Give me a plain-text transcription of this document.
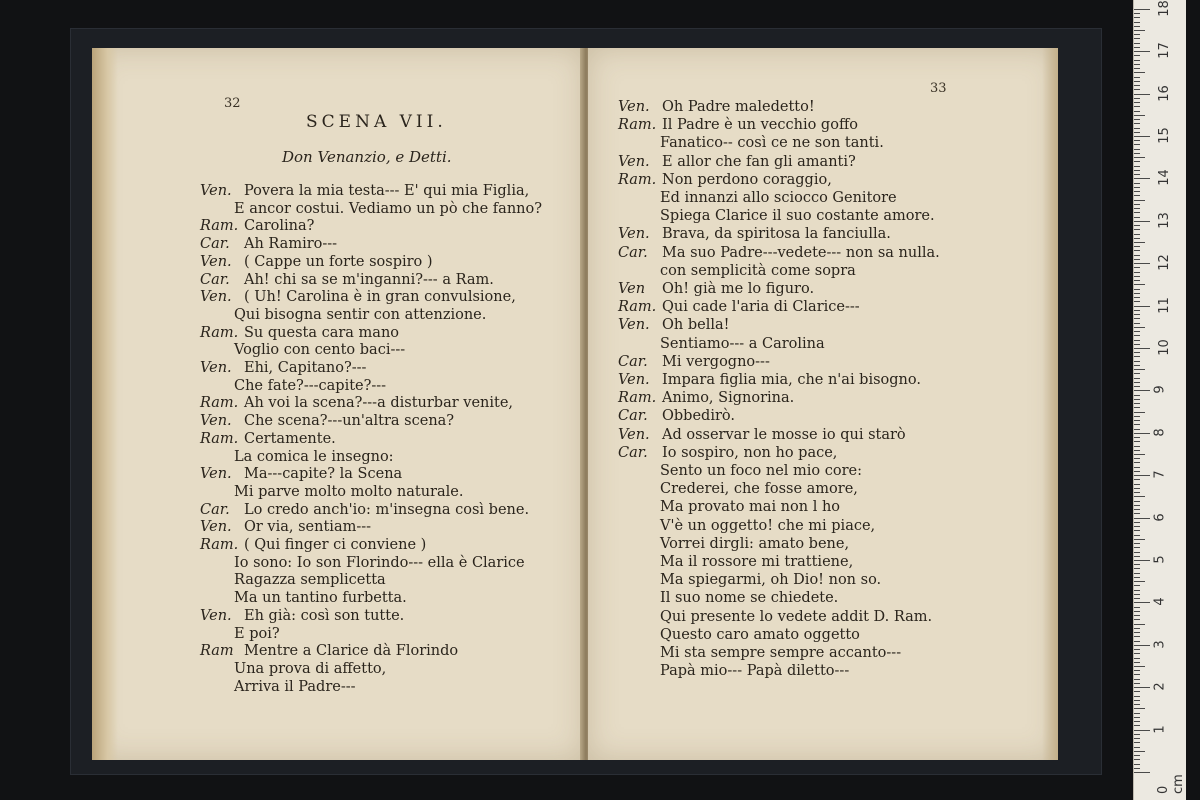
32
SCENA VII.
Don Venanzio, e Detti.
Ven. Povera la mia testa--- E' qui mia Figlia,
E ancor costui. Vediamo un pò che fanno?
Ram. Carolina?
Car. Ah Ramiro---
Ven. ( Cappe un forte sospiro )
Car. Ah! chi sa se m'inganni?--- a Ram.
Ven. ( Uh! Carolina è in gran convulsione,
Qui bisogna sentir con attenzione.
Ram. Su questa cara mano
Voglio con cento baci---
Ven. Ehi, Capitano?---
Che fate?---capite?---
Ram. Ah voi la scena?---a disturbar venite,
Ven. Che scena?---un'altra scena?
Ram. Certamente.
La comica le insegno:
Ven. Ma---capite? la Scena
Mi parve molto molto naturale.
Car. Lo credo anch'io: m'insegna così bene.
Ven. Or via, sentiam---
Ram. ( Qui finger ci conviene )
Io sono: Io son Florindo--- ella è Clarice
Ragazza semplicetta
Ma un tantino furbetta.
Ven. Eh già: così son tutte.
E poi?
Ram Mentre a Clarice dà Florindo
Una prova di affetto,
Arriva il Padre---
33
Ven. Oh Padre maledetto!
Ram. Il Padre è un vecchio goffo
Fanatico-- così ce ne son tanti.
Ven. E allor che fan gli amanti?
Ram. Non perdono coraggio,
Ed innanzi allo sciocco Genitore
Spiega Clarice il suo costante amore.
Ven. Brava, da spiritosa la fanciulla.
Car. Ma suo Padre---vedete--- non sa nulla.
con semplicità come sopra
Ven Oh! già me lo figuro.
Ram. Qui cade l'aria di Clarice---
Ven. Oh bella!
Sentiamo--- a Carolina
Car. Mi vergogno---
Ven. Impara figlia mia, che n'ai bisogno.
Ram. Animo, Signorina.
Car. Obbedirò.
Ven. Ad osservar le mosse io qui starò
Car. Io sospiro, non ho pace,
Sento un foco nel mio core:
Crederei, che fosse amore,
Ma provato mai non l ho
V'è un oggetto! che mi piace,
Vorrei dirgli: amato bene,
Ma il rossore mi trattiene,
Ma spiegarmi, oh Dio! non so.
Il suo nome se chiedete.
Qui presente lo vedete addit D. Ram.
Questo caro amato oggetto
Mi sta sempre sempre accanto---
Papà mio--- Papà diletto---
0 cm
1
2
3
4
5
6
7
8
9
10
11
12
13
14
15
16
17
18
